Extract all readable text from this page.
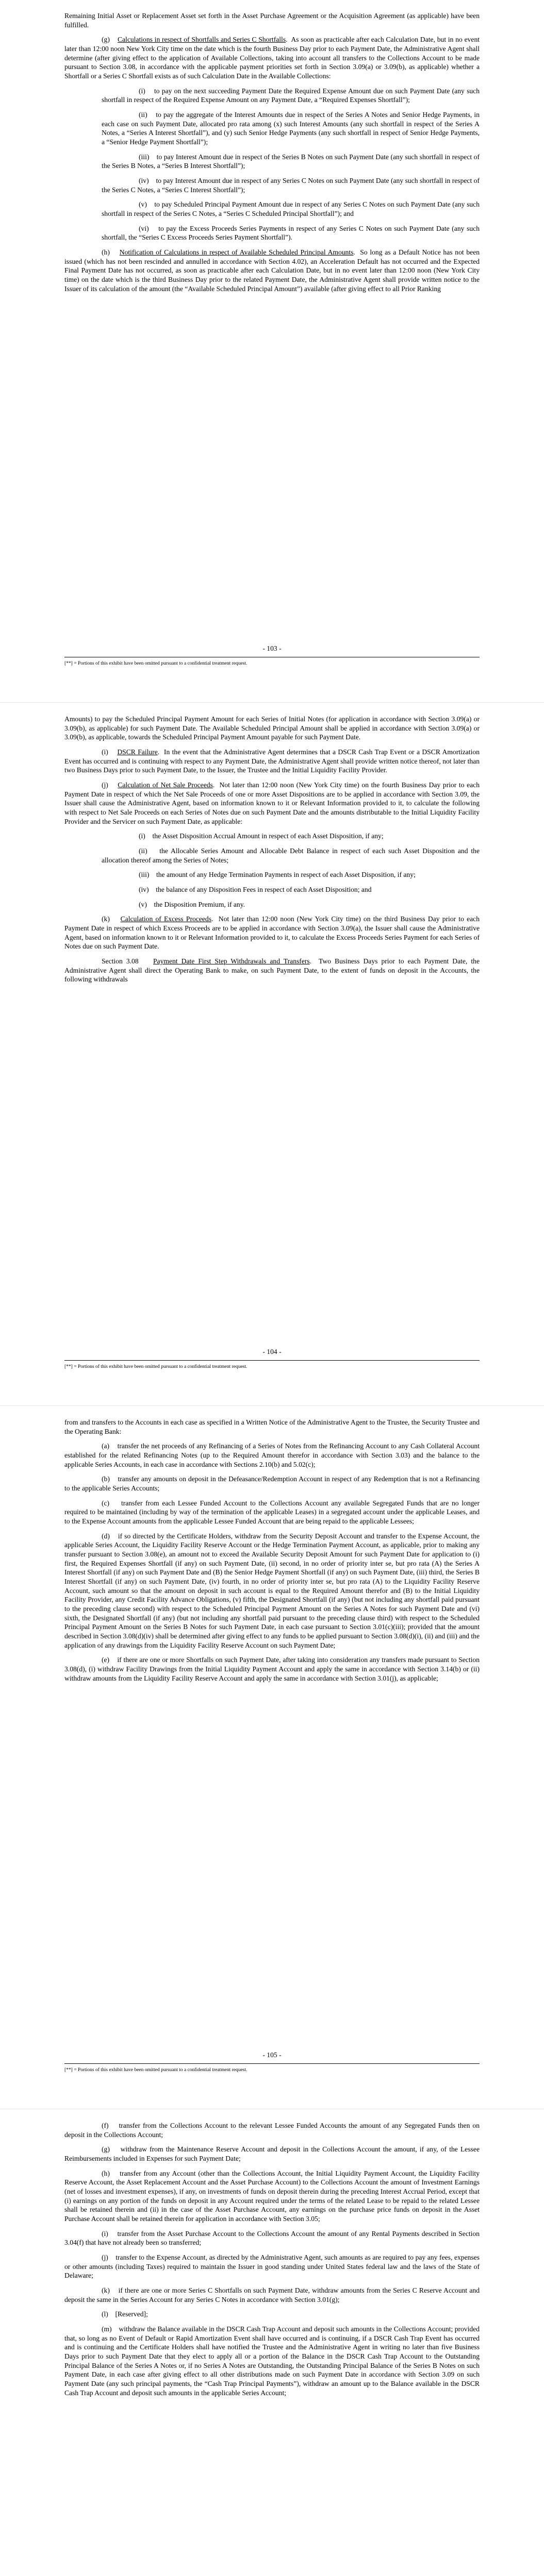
Remaining Initial Asset or Replacement Asset set forth in the Asset Purchase Agreement or the Acquisition Agreement (as applicable) have been fulfilled.

(g) Calculations in respect of Shortfalls and Series C Shortfalls.  As soon as practicable after each Calculation Date, but in no event later than 12:00 noon New York City time on the date which is the fourth Business Day prior to each Payment Date, the Administrative Agent shall determine (after giving effect to the application of Available Collections, taking into account all transfers to the Collections Account to be made pursuant to Section 3.08, in accordance with the applicable payment priorities set forth in Section 3.09(a) or 3.09(b), as applicable) whether a Shortfall or a Series C Shortfall exists as of such Calculation Date in the Available Collections:

(i) to pay on the next succeeding Payment Date the Required Expense Amount due on such Payment Date (any such shortfall in respect of the Required Expense Amount on any Payment Date, a “Required Expenses Shortfall”);

(ii) to pay the aggregate of the Interest Amounts due in respect of the Series A Notes and Senior Hedge Payments, in each case on such Payment Date, allocated pro rata among (x) such Interest Amounts (any such shortfall in respect of the Series A Notes, a “Series A Interest Shortfall”), and (y) such Senior Hedge Payments (any such shortfall in respect of Senior Hedge Payments, a “Senior Hedge Payment Shortfall”);

(iii) to pay Interest Amount due in respect of the Series B Notes on such Payment Date (any such shortfall in respect of the Series B Notes, a “Series B Interest Shortfall”);

(iv) to pay Interest Amount due in respect of any Series C Notes on such Payment Date (any such shortfall in respect of the Series C Notes, a “Series C Interest Shortfall”);

(v) to pay Scheduled Principal Payment Amount due in respect of any Series C Notes on such Payment Date (any such shortfall in respect of the Series C Notes, a “Series C Scheduled Principal Shortfall”); and

(vi) to pay the Excess Proceeds Series Payments in respect of any Series C Notes on such Payment Date (any such shortfall, the “Series C Excess Proceeds Series Payment Shortfall”).

(h) Notification of Calculations in respect of Available Scheduled Principal Amounts.  So long as a Default Notice has not been issued (which has not been rescinded and annulled in accordance with Section 4.02), an Acceleration Default has not occurred and the Expected Final Payment Date has not occurred, as soon as practicable after each Calculation Date, but in no event later than 12:00 noon (New York City time) on the date which is the third Business Day prior to the related Payment Date, the Administrative Agent shall provide written notice to the Issuer of its calculation of the amount (the “Available Scheduled Principal Amount”) available (after giving effect to all Prior Ranking

- 103 -
[**] = Portions of this exhibit have been omitted pursuant to a confidential treatment request.

Amounts) to pay the Scheduled Principal Payment Amount for each Series of Initial Notes (for application in accordance with Section 3.09(a) or 3.09(b), as applicable) for such Payment Date. The Available Scheduled Principal Amount shall be applied in accordance with Section 3.09(a) or 3.09(b), as applicable, towards the Scheduled Principal Payment Amount payable for such Payment Date.

(i) DSCR Failure.  In the event that the Administrative Agent determines that a DSCR Cash Trap Event or a DSCR Amortization Event has occurred and is continuing with respect to any Payment Date, the Administrative Agent shall provide written notice thereof, not later than two Business Days prior to such Payment Date, to the Issuer, the Trustee and the Initial Liquidity Facility Provider.

(j) Calculation of Net Sale Proceeds.  Not later than 12:00 noon (New York City time) on the fourth Business Day prior to each Payment Date in respect of which the Net Sale Proceeds of one or more Asset Dispositions are to be applied in accordance with Section 3.09, the Issuer shall cause the Administrative Agent, based on information known to it or Relevant Information provided to it, to calculate the following with respect to Net Sale Proceeds on each Series of Notes due on such Payment Date and the amounts distributable to the Initial Liquidity Facility Provider and the Servicer on such Payment Date, as applicable:

(i) the Asset Disposition Accrual Amount in respect of each Asset Disposition, if any;

(ii) the Allocable Series Amount and Allocable Debt Balance in respect of each such Asset Disposition and the allocation thereof among the Series of Notes;

(iii) the amount of any Hedge Termination Payments in respect of each Asset Disposition, if any;

(iv) the balance of any Disposition Fees in respect of each Asset Disposition; and

(v) the Disposition Premium, if any.

(k) Calculation of Excess Proceeds.  Not later than 12:00 noon (New York City time) on the third Business Day prior to each Payment Date in respect of which Excess Proceeds are to be applied in accordance with Section 3.09(a), the Issuer shall cause the Administrative Agent, based on information known to it or Relevant Information provided to it, to calculate the Excess Proceeds Series Payment for each Series of Notes due on such Payment Date.

Section 3.08 Payment Date First Step Withdrawals and Transfers.  Two Business Days prior to each Payment Date, the Administrative Agent shall direct the Operating Bank to make, on such Payment Date, to the extent of funds on deposit in the Accounts, the following withdrawals

- 104 -
[**] = Portions of this exhibit have been omitted pursuant to a confidential treatment request.

from and transfers to the Accounts in each case as specified in a Written Notice of the Administrative Agent to the Trustee, the Security Trustee and the Operating Bank:

(a) transfer the net proceeds of any Refinancing of a Series of Notes from the Refinancing Account to any Cash Collateral Account established for the related Refinancing Notes (up to the Required Amount therefor in accordance with Section 3.03) and the balance to the applicable Series Accounts, in each case in accordance with Sections 2.10(b) and 5.02(c);

(b) transfer any amounts on deposit in the Defeasance/Redemption Account in respect of any Redemption that is not a Refinancing to the applicable Series Accounts;

(c) transfer from each Lessee Funded Account to the Collections Account any available Segregated Funds that are no longer required to be maintained (including by way of the termination of the applicable Leases) in a segregated account under the applicable Leases, and to the Expense Account amounts from the applicable Lessee Funded Account that are being repaid to the applicable Lessees;

(d) if so directed by the Certificate Holders, withdraw from the Security Deposit Account and transfer to the Expense Account, the applicable Series Account, the Liquidity Facility Reserve Account or the Hedge Termination Payment Account, as applicable, prior to making any transfer pursuant to Section 3.08(e), an amount not to exceed the Available Security Deposit Amount for such Payment Date for application to (i) first, the Required Expenses Shortfall (if any) on such Payment Date, (ii) second, in no order of priority inter se, but pro rata (A) the Series A Interest Shortfall (if any) on such Payment Date and (B) the Senior Hedge Payment Shortfall (if any) on such Payment Date, (iii) third, the Series B Interest Shortfall (if any) on such Payment Date, (iv) fourth, in no order of priority inter se, but pro rata (A) to the Liquidity Facility Reserve Account, such amount so that the amount on deposit in such account is equal to the Required Amount therefor and (B) to the Initial Liquidity Facility Provider, any Credit Facility Advance Obligations, (v) fifth, the Designated Shortfall (if any) (but not including any shortfall paid pursuant to the preceding clause second) with respect to the Scheduled Principal Payment Amount on the Series A Notes for such Payment Date and (vi) sixth, the Designated Shortfall (if any) (but not including any shortfall paid pursuant to the preceding clause third) with respect to the Scheduled Principal Payment Amount on the Series B Notes for such Payment Date, in each case pursuant to Section 3.01(c)(iii); provided that the amount described in Section 3.08(d)(iv) shall be determined after giving effect to any funds to be applied pursuant to Section 3.08(d)(i), (ii) and (iii) and the application of any drawings from the Liquidity Facility Reserve Account on such Payment Date;

(e) if there are one or more Shortfalls on such Payment Date, after taking into consideration any transfers made pursuant to Section 3.08(d), (i) withdraw Facility Drawings from the Initial Liquidity Payment Account and apply the same in accordance with Section 3.14(b) or (ii) withdraw amounts from the Liquidity Facility Reserve Account and apply the same in accordance with Section 3.01(j), as applicable;

- 105 -
[**] = Portions of this exhibit have been omitted pursuant to a confidential treatment request.

(f) transfer from the Collections Account to the relevant Lessee Funded Accounts the amount of any Segregated Funds then on deposit in the Collections Account;

(g) withdraw from the Maintenance Reserve Account and deposit in the Collections Account the amount, if any, of the Lessee Reimbursements included in Expenses for such Payment Date;

(h) transfer from any Account (other than the Collections Account, the Initial Liquidity Payment Account, the Liquidity Facility Reserve Account, the Asset Replacement Account and the Asset Purchase Account) to the Collections Account the amount of Investment Earnings (net of losses and investment expenses), if any, on investments of funds on deposit therein during the preceding Interest Accrual Period, except that (i) earnings on any portion of the funds on deposit in any Account required under the terms of the related Lease to be repaid to the related Lessee shall be retained therein and (ii) in the case of the Asset Purchase Account, any earnings on the purchase price funds on deposit in the Asset Purchase Account shall be retained therein for application in accordance with Section 3.05;

(i) transfer from the Asset Purchase Account to the Collections Account the amount of any Rental Payments described in Section 3.04(f) that have not already been so transferred;

(j) transfer to the Expense Account, as directed by the Administrative Agent, such amounts as are required to pay any fees, expenses or other amounts (including Taxes) required to maintain the Issuer in good standing under United States federal law and the laws of the State of Delaware;

(k) if there are one or more Series C Shortfalls on such Payment Date, withdraw amounts from the Series C Reserve Account and deposit the same in the Series Account for any Series C Notes in accordance with Section 3.01(g);

(l) [Reserved];

(m) withdraw the Balance available in the DSCR Cash Trap Account and deposit such amounts in the Collections Account; provided that, so long as no Event of Default or Rapid Amortization Event shall have occurred and is continuing, if a DSCR Cash Trap Event has occurred and is continuing and the Certificate Holders shall have notified the Trustee and the Administrative Agent in writing no later than five Business Days prior to such Payment Date that they elect to apply all or a portion of the Balance in the DSCR Cash Trap Account to the Outstanding Principal Balance of the Series A Notes or, if no Series A Notes are Outstanding, the Outstanding Principal Balance of the Series B Notes on such Payment Date, in each case after giving effect to all other distributions made on such Payment Date in accordance with Section 3.09 on such Payment Date (any such principal payments, the “Cash Trap Principal Payments”), withdraw an amount up to the Balance available in the DSCR Cash Trap Account and deposit such amounts in the applicable Series Account;
